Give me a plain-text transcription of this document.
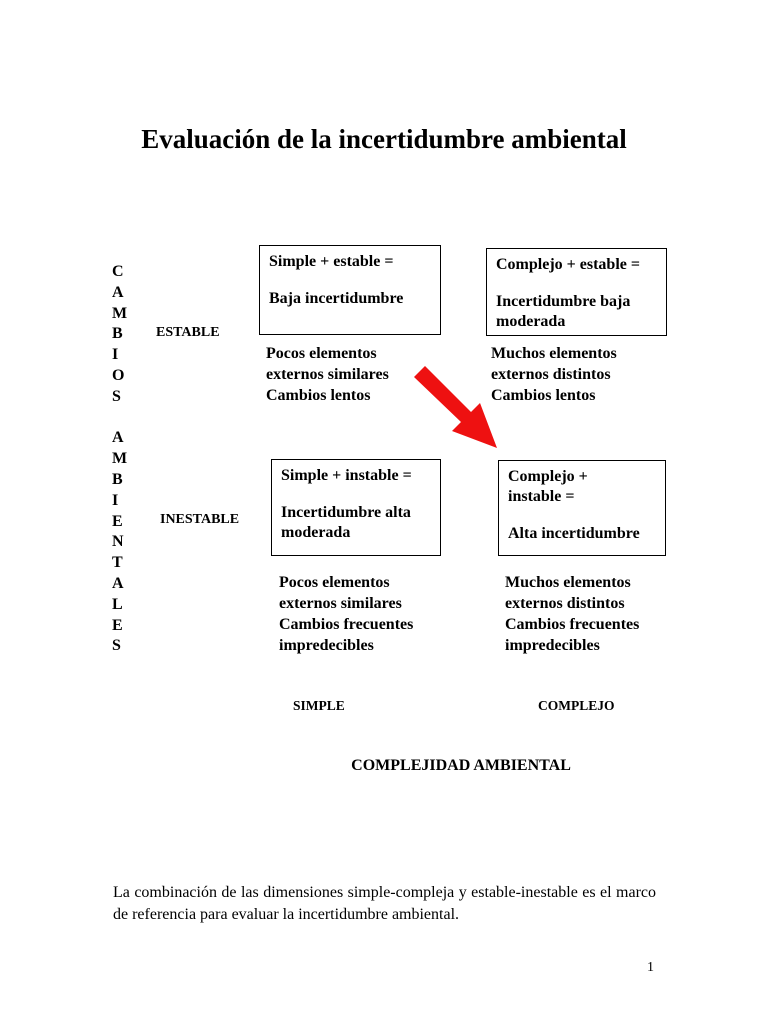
Evaluación de la incertidumbre ambiental
C
A
M
B
I
O
S

A
M
B
I
E
N
T
A
L
E
S
ESTABLE
INESTABLE
Simple + estable =
Baja incertidumbre
Pocos elementos
externos similares
Cambios lentos
Complejo + estable =
Incertidumbre baja
moderada
Muchos elementos
externos distintos
Cambios lentos
Simple + instable =
Incertidumbre alta
moderada
Pocos elementos
externos similares
Cambios frecuentes
impredecibles
Complejo +
instable =
Alta incertidumbre
Muchos elementos
externos distintos
Cambios frecuentes
impredecibles
SIMPLE	COMPLEJO
COMPLEJIDAD AMBIENTAL
La combinación de las dimensiones simple-compleja y estable-inestable es el marco de referencia para evaluar la incertidumbre ambiental.
1
